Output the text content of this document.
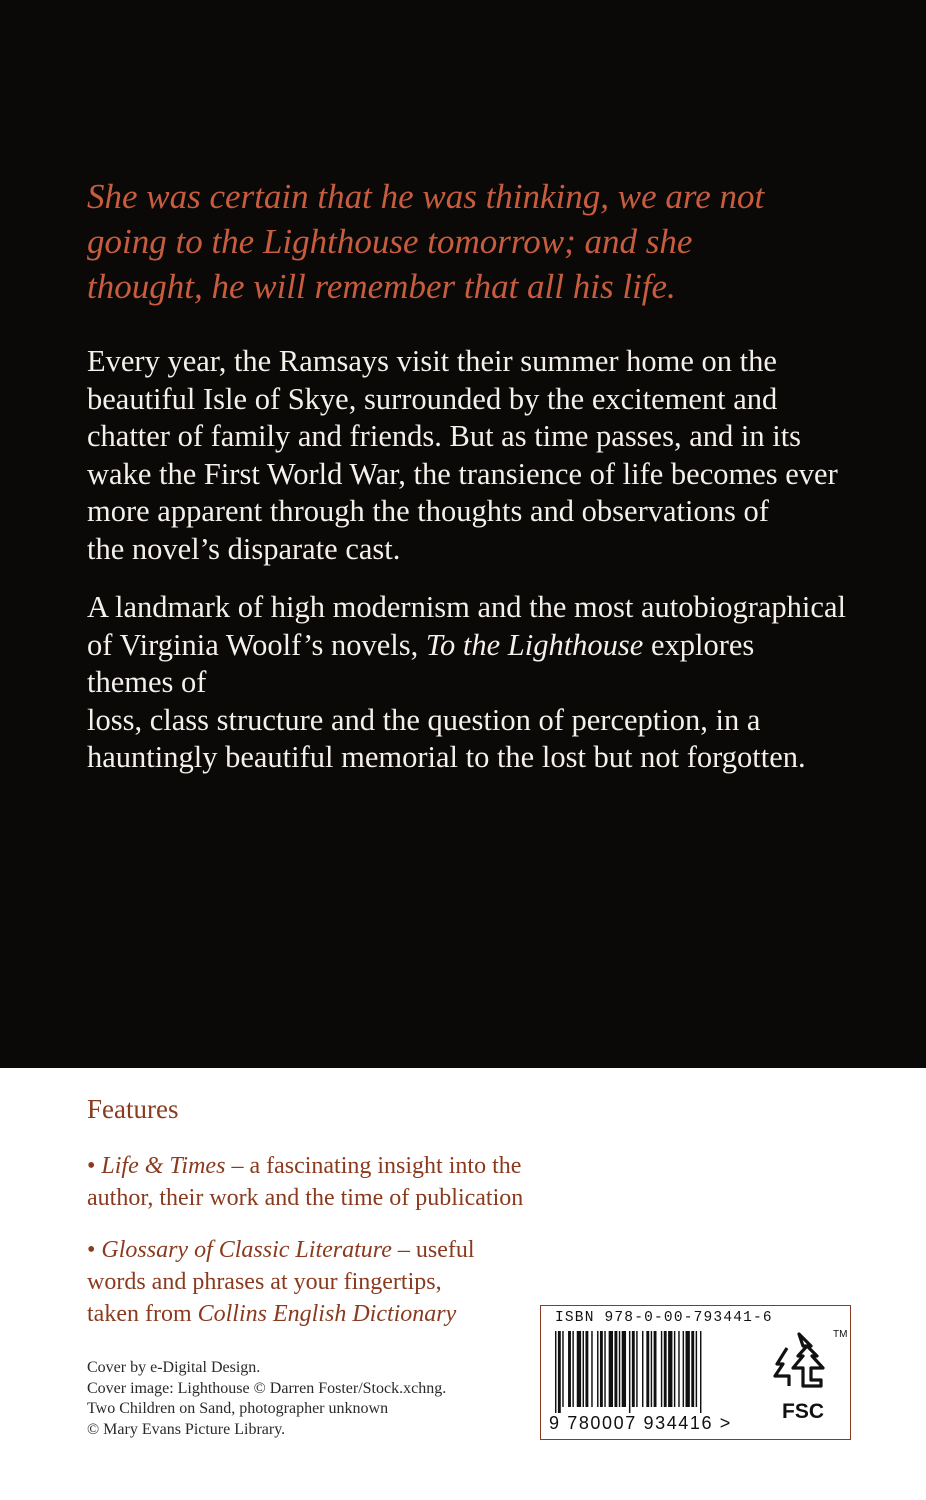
She was certain that he was thinking, we are not
going to the Lighthouse tomorrow; and she
thought, he will remember that all his life.
Every year, the Ramsays visit their summer home on the
beautiful Isle of Skye, surrounded by the excitement and
chatter of family and friends. But as time passes, and in its
wake the First World War, the transience of life becomes ever
more apparent through the thoughts and observations of
the novel’s disparate cast.
A landmark of high modernism and the most autobiographical
of Virginia Woolf’s novels, To the Lighthouse explores themes of
loss, class structure and the question of perception, in a
hauntingly beautiful memorial to the lost but not forgotten.
Features
• Life & Times – a fascinating insight into the
author, their work and the time of publication
• Glossary of Classic Literature – useful
words and phrases at your fingertips,
taken from Collins English Dictionary
Cover by e-Digital Design.
Cover image: Lighthouse © Darren Foster/Stock.xchng.
Two Children on Sand, photographer unknown
© Mary Evans Picture Library.
ISBN 978-0-00-793441-6
9 780007 934416 >
TM
FSC
